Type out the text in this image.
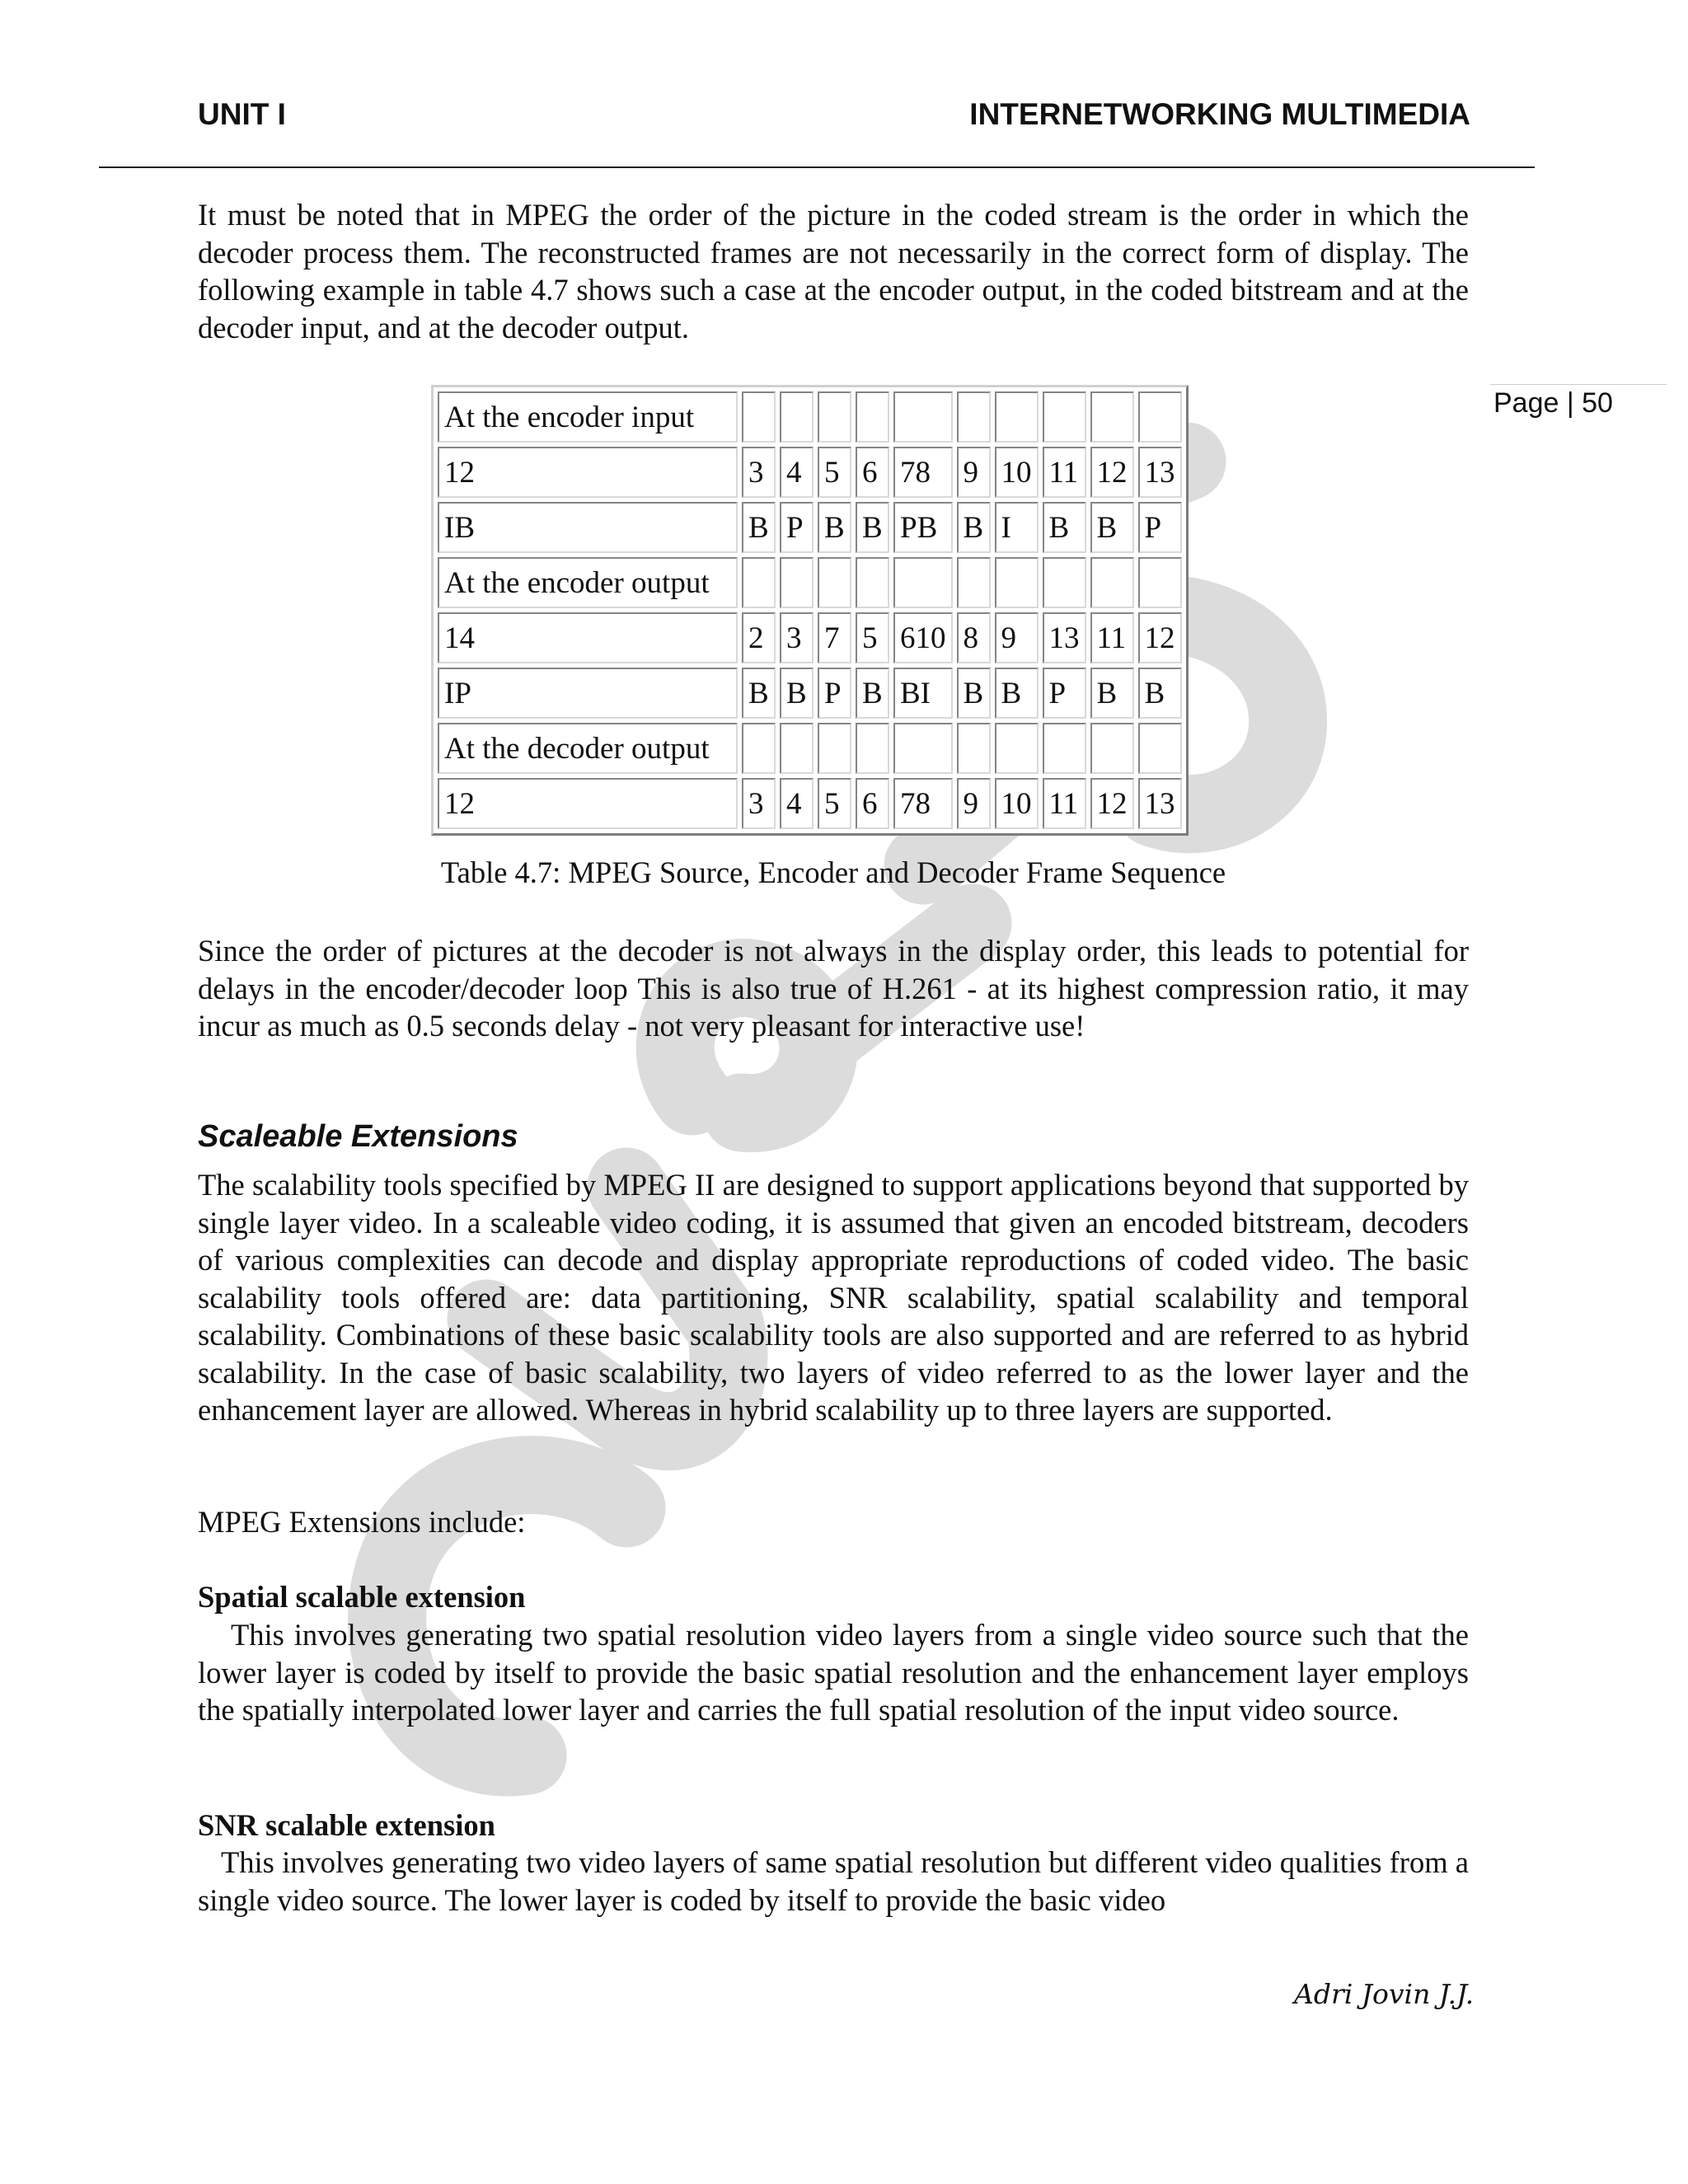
UNIT I	INTERNETWORKING MULTIMEDIA
Page | 50

It must be noted that in MPEG the order of the picture in the coded stream is the order in which the decoder process them. The reconstructed frames are not necessarily in the correct form of display. The following example in table 4.7 shows such a case at the encoder output, in the coded bitstream and at the decoder input, and at the decoder output.

At the encoder input										
12	3	4	5	6	78	9	10	11	12	13
IB	B	P	B	B	PB	B	I	B	B	P
At the encoder output										
14	2	3	7	5	610	8	9	13	11	12
IP	B	B	P	B	BI	B	B	P	B	B
At the decoder output										
12	3	4	5	6	78	9	10	11	12	13
Table 4.7: MPEG Source, Encoder and Decoder Frame Sequence

Since the order of pictures at the decoder is not always in the display order, this leads to potential for delays in the encoder/decoder loop This is also true of H.261 - at its highest compression ratio, it may incur as much as 0.5 seconds delay - not very pleasant for interactive use!

Scaleable Extensions

The scalability tools specified by MPEG II are designed to support applications beyond that supported by single layer video. In a scaleable video coding, it is assumed that given an encoded bitstream, decoders of various complexities can decode and display appropriate reproductions of coded video. The basic scalability tools offered are: data partitioning, SNR scalability, spatial scalability and temporal scalability. Combinations of these basic scalability tools are also supported and are referred to as hybrid scalability. In the case of basic scalability, two layers of video referred to as the lower layer and the enhancement layer are allowed. Whereas in hybrid scalability up to three layers are supported.

MPEG Extensions include:

Spatial scalable extension

This involves generating two spatial resolution video layers from a single video source such that the lower layer is coded by itself to provide the basic spatial resolution and the enhancement layer employs the spatially interpolated lower layer and carries the full spatial resolution of the input video source.

SNR scalable extension

This involves generating two video layers of same spatial resolution but different video qualities from a single video source. The lower layer is coded by itself to provide the basic video

Adri Jovin J.J.
